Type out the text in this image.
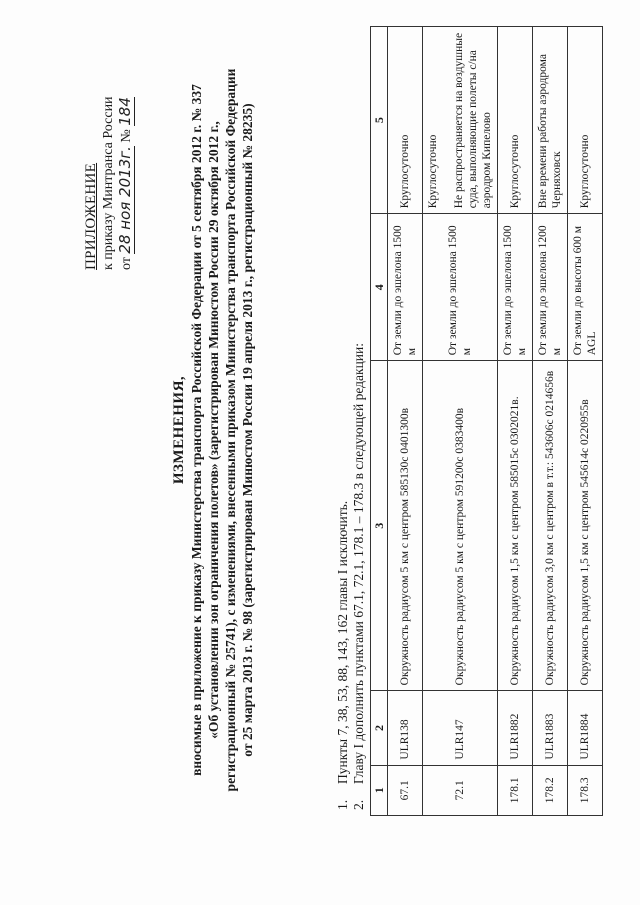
ПРИЛОЖЕНИЕ к приказу Минтранса России от 28 ноя 2013г. № 184
ИЗМЕНЕНИЯ, вносимые в приложение к приказу Министерства транспорта Российской Федерации от 5 сентября 2012 г. № 337 «Об установлении зон ограничения полетов» (зарегистрирован Минюстом России 29 октября 2012 г., регистрационный № 25741), с изменениями, внесенными приказом Министерства транспорта Российской Федерации от 25 марта 2013 г. № 98 (зарегистрирован Минюстом России 19 апреля 2013 г., регистрационный № 28235)
1.
Пункты 7, 38, 53, 88, 143, 162 главы I исключить.
2.
Главу I дополнить пунктами 67.1, 72.1, 178.1 – 178.3 в следующей редакции:
1	2	3	4	5
67.1	ULR138	Окружность радиусом 5 км с центром 585130с 0401300в	От земли до эшелона 1500 м	Круглосуточно

72.1	ULR147	Окружность радиусом 5 км с центром 591200с 0383400в	От земли до эшелона 1500 м	Круглосуточно Не распространяется на воздушные суда, выполняющие полеты с/на аэродром Кипелово

178.1	ULR1882	Окружность радиусом 1,5 км с центром 585015с 0302021в.	От земли до эшелона 1500 м	Круглосуточно

178.2	ULR1883	Окружность радиусом 3,0 км с центром в т.т.: 543606с 0214656в	От земли до эшелона 1200 м	Вне времени работы аэродрома Черняховск

178.3	ULR1884	Окружность радиусом 1,5 км с центром 545614с 0220955в	От земли до высоты 600 м AGL	Круглосуточно
